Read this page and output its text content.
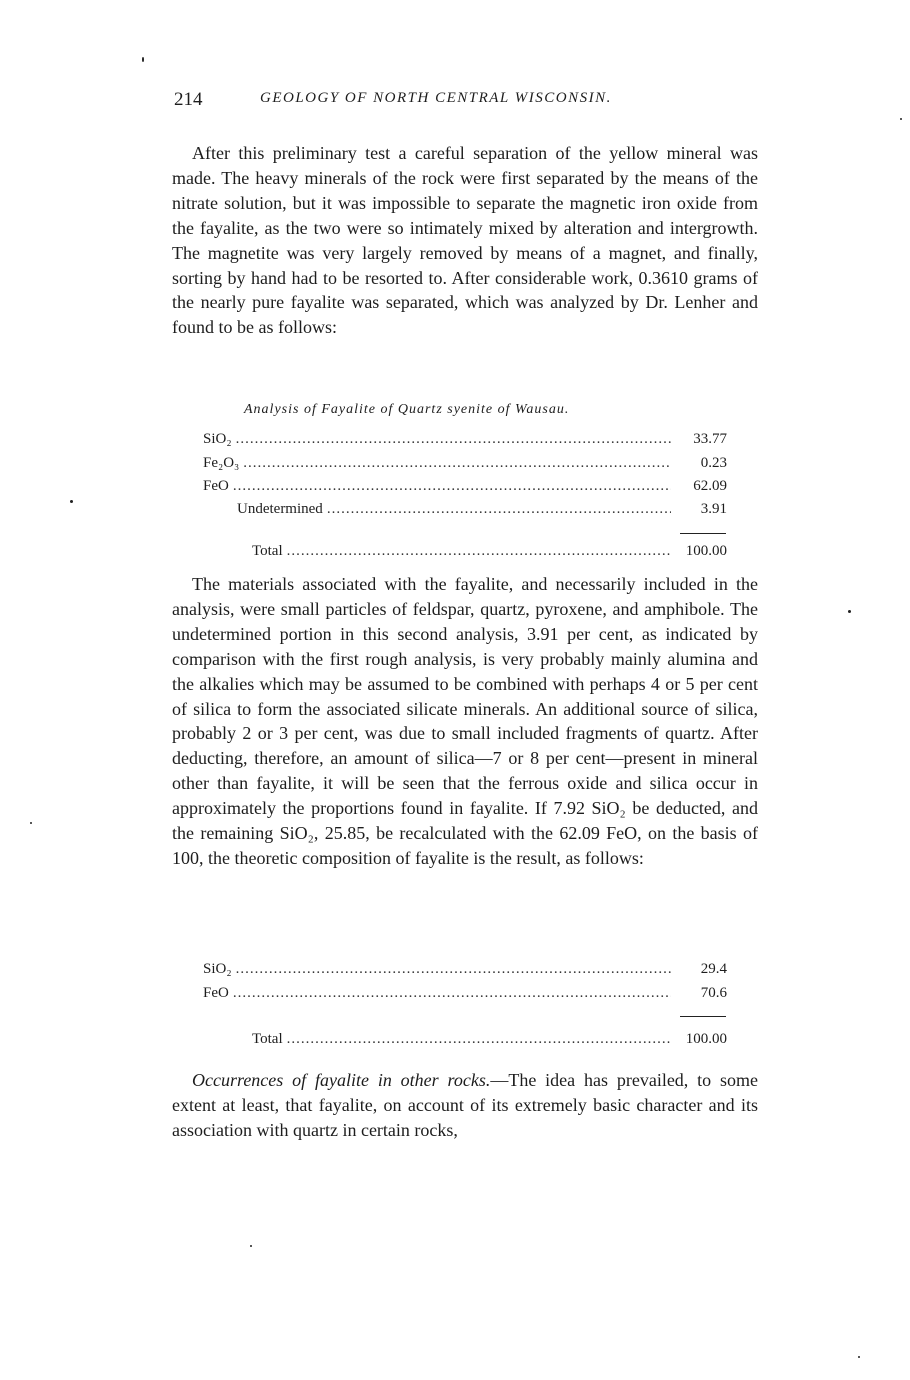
214	GEOLOGY OF NORTH CENTRAL WISCONSIN.

After this preliminary test a careful separation of the yellow mineral was made. The heavy minerals of the rock were first separated by the means of the nitrate solution, but it was impossible to separate the magnetic iron oxide from the fayalite, as the two were so intimately mixed by alteration and intergrowth. The magnetite was very largely removed by means of a magnet, and finally, sorting by hand had to be resorted to. After considerable work, 0.3610 grams of the nearly pure fayalite was separated, which was analyzed by Dr. Lenher and found to be as follows:

Analysis of Fayalite of Quartz syenite of Wausau.
SiO₂ .....	33.77
Fe₂O₃ .....	0.23
FeO .....	62.09
Undetermined .....	3.91
Total .....	100.00

The materials associated with the fayalite, and necessarily included in the analysis, were small particles of feldspar, quartz, pyroxene, and amphibole. The undetermined portion in this second analysis, 3.91 per cent, as indicated by comparison with the first rough analysis, is very probably mainly alumina and the alkalies which may be assumed to be combined with perhaps 4 or 5 per cent of silica to form the associated silicate minerals. An additional source of silica, probably 2 or 3 per cent, was due to small included fragments of quartz. After deducting, therefore, an amount of silica—7 or 8 per cent—present in mineral other than fayalite, it will be seen that the ferrous oxide and silica occur in approximately the proportions found in fayalite. If 7.92 SiO₂ be deducted, and the remaining SiO₂, 25.85, be recalculated with the 62.09 FeO, on the basis of 100, the theoretic composition of fayalite is the result, as follows:

SiO₂ .....	29.4
FeO .....	70.6
Total .....	100.00

Occurrences of fayalite in other rocks.—The idea has prevailed, to some extent at least, that fayalite, on account of its extremely basic character and its association with quartz in certain rocks,
